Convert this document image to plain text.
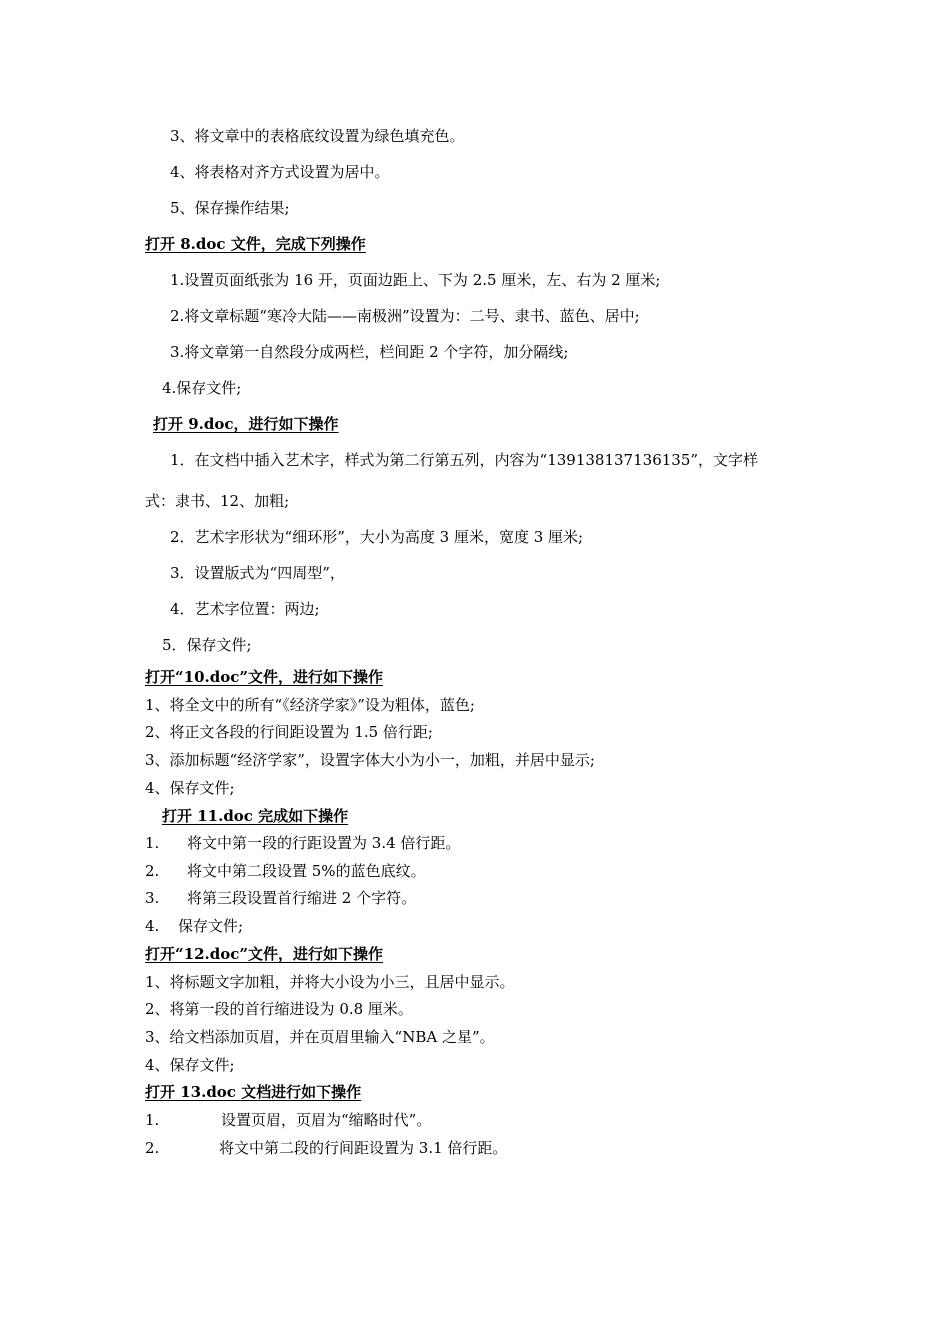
3、将文章中的表格底纹设置为绿色填充色。
4、将表格对齐方式设置为居中。
5、保存操作结果;
打开 8.doc 文件，完成下列操作
1.设置页面纸张为 16 开，页面边距上、下为 2.5 厘米，左、右为 2 厘米;
2.将文章标题“寒冷大陆——南极洲”设置为：二号、隶书、蓝色、居中;
3.将文章第一自然段分成两栏，栏间距 2 个字符，加分隔线;
4.保存文件;
打开 9.doc，进行如下操作
1．在文档中插入艺术字，样式为第二行第五列，内容为“139138137136135”，文字样
式：隶书、12、加粗;
2．艺术字形状为“细环形”，大小为高度 3 厘米，宽度 3 厘米;
3．设置版式为“四周型”，
4．艺术字位置：两边;
5．保存文件;
打开“10.doc”文件，进行如下操作
1、将全文中的所有“《经济学家》”设为粗体，蓝色;
2、将正文各段的行间距设置为 1.5 倍行距;
3、添加标题“经济学家”，设置字体大小为小一，加粗，并居中显示;
4、保存文件;
打开 11.doc 完成如下操作
1. 将文中第一段的行距设置为 3.4 倍行距。
2. 将文中第二段设置 5%的蓝色底纹。
3. 将第三段设置首行缩进 2 个字符。
4. 保存文件;
打开“12.doc”文件，进行如下操作
1、将标题文字加粗，并将大小设为小三，且居中显示。
2、将第一段的首行缩进设为 0.8 厘米。
3、给文档添加页眉，并在页眉里输入“NBA 之星”。
4、保存文件;
打开 13.doc 文档进行如下操作
1.	设置页眉，页眉为“缩略时代”。
2.	将文中第二段的行间距设置为 3.1 倍行距。
